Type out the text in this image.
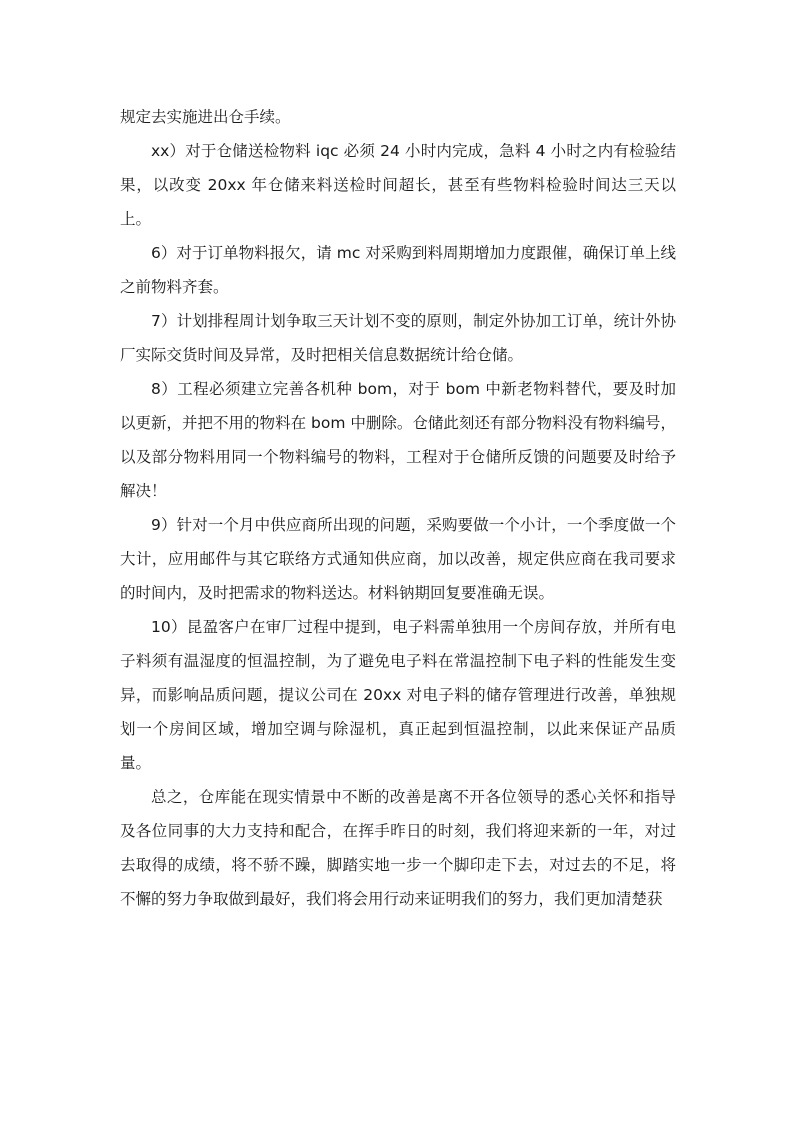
规定去实施进出仓手续。

xx）对于仓储送检物料 iqc 必须 24 小时内完成，急料 4 小时之内有检验结果，以改变 20xx 年仓储来料送检时间超长，甚至有些物料检验时间达三天以上。

6）对于订单物料报欠，请 mc 对采购到料周期增加力度跟催，确保订单上线之前物料齐套。

7）计划排程周计划争取三天计划不变的原则，制定外协加工订单，统计外协厂实际交货时间及异常，及时把相关信息数据统计给仓储。

8）工程必须建立完善各机种 bom，对于 bom 中新老物料替代，要及时加以更新，并把不用的物料在 bom 中删除。仓储此刻还有部分物料没有物料编号，以及部分物料用同一个物料编号的物料，工程对于仓储所反馈的问题要及时给予解决！

9）针对一个月中供应商所出现的问题，采购要做一个小计，一个季度做一个大计，应用邮件与其它联络方式通知供应商，加以改善，规定供应商在我司要求的时间内，及时把需求的物料送达。材料钠期回复要准确无误。

10）昆盈客户在审厂过程中提到，电子料需单独用一个房间存放，并所有电子料须有温湿度的恒温控制，为了避免电子料在常温控制下电子料的性能发生变异，而影响品质问题，提议公司在 20xx 对电子料的储存管理进行改善，单独规划一个房间区域，增加空调与除湿机，真正起到恒温控制，以此来保证产品质量。

总之，仓库能在现实情景中不断的改善是离不开各位领导的悉心关怀和指导及各位同事的大力支持和配合，在挥手昨日的时刻，我们将迎来新的一年，对过去取得的成绩，将不骄不躁，脚踏实地一步一个脚印走下去，对过去的不足，将不懈的努力争取做到最好，我们将会用行动来证明我们的努力，我们更加清楚获
